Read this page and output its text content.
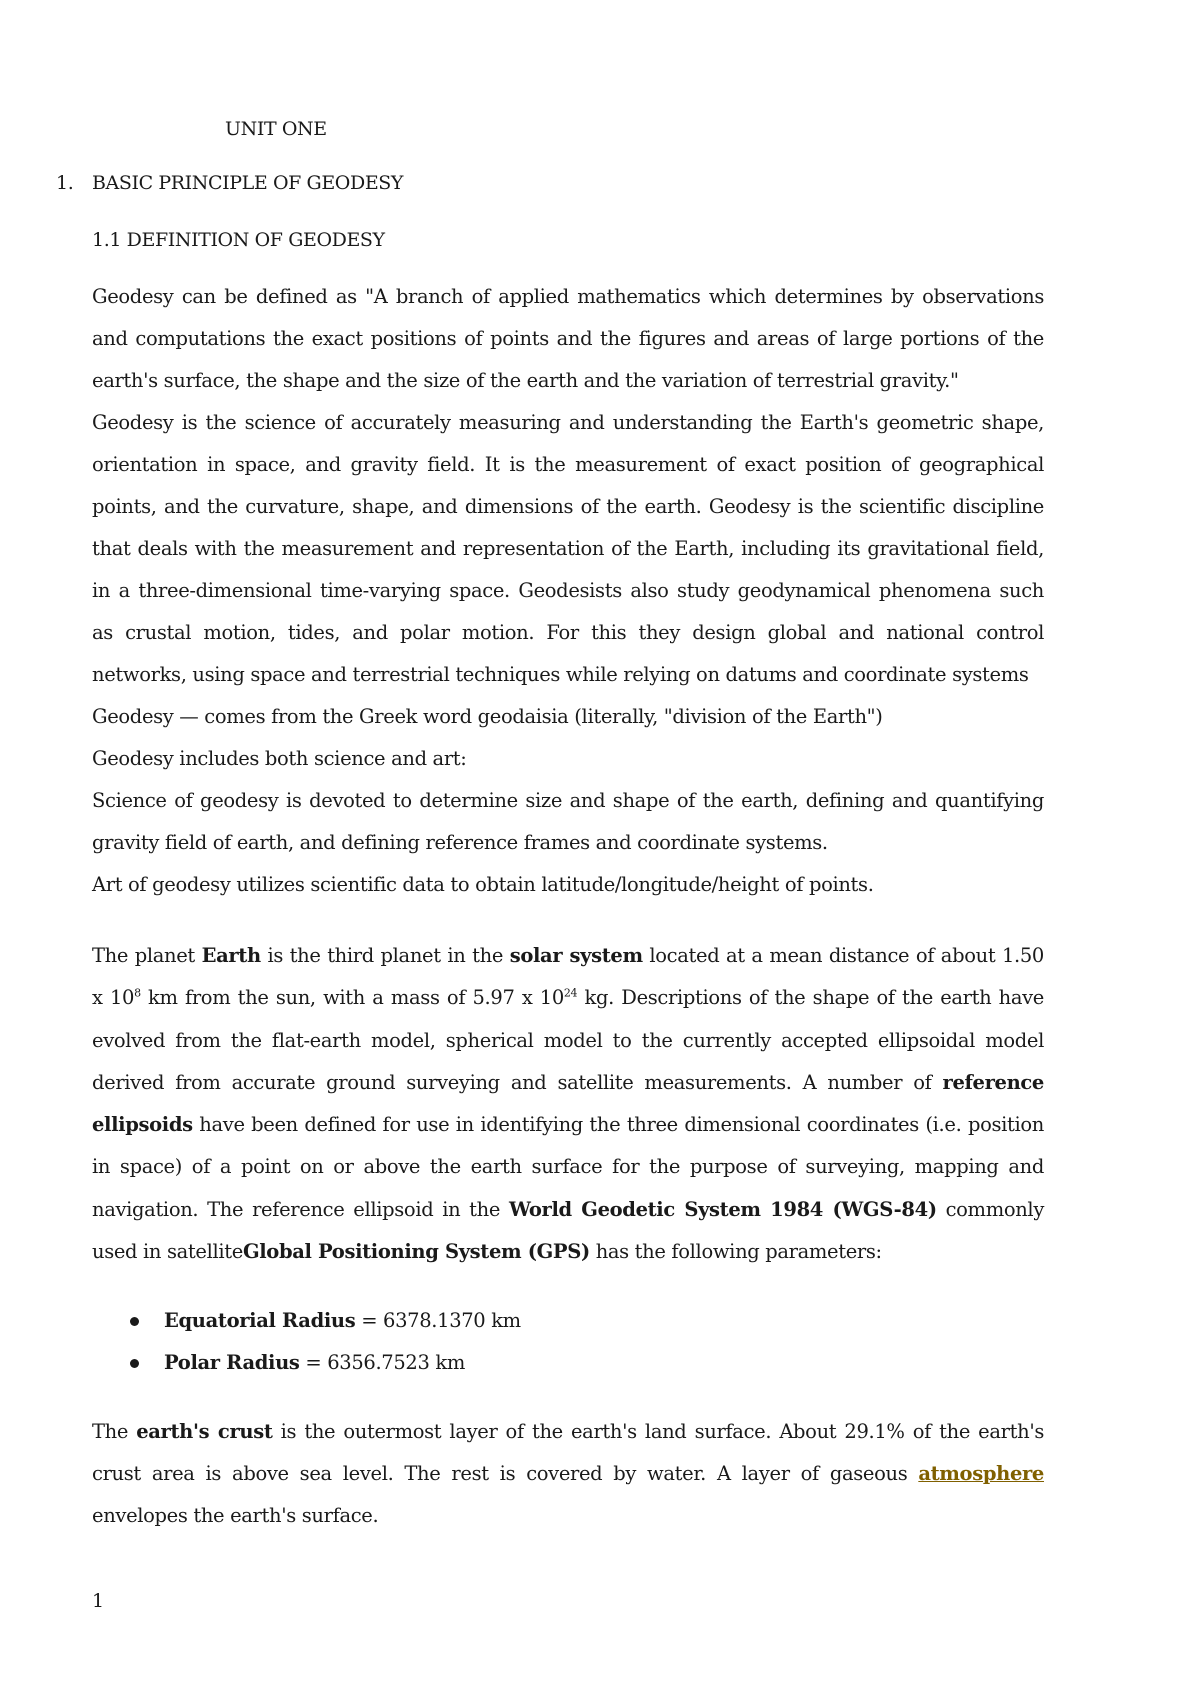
UNIT ONE
1. BASIC PRINCIPLE OF GEODESY
1.1 DEFINITION OF GEODESY

Geodesy can be defined as "A branch of applied mathematics which determines by observations and computations the exact positions of points and the figures and areas of large portions of the earth's surface, the shape and the size of the earth and the variation of terrestrial gravity."

Geodesy is the science of accurately measuring and understanding the Earth's geometric shape, orientation in space, and gravity field. It is the measurement of exact position of geographical points, and the curvature, shape, and dimensions of the earth. Geodesy is the scientific discipline that deals with the measurement and representation of the Earth, including its gravitational field, in a three-dimensional time-varying space. Geodesists also study geodynamical phenomena such as crustal motion, tides, and polar motion. For this they design global and national control networks, using space and terrestrial techniques while relying on datums and coordinate systems

Geodesy — comes from the Greek word geodaisia (literally, "division of the Earth")

Geodesy includes both science and art:

Science of geodesy is devoted to determine size and shape of the earth, defining and quantifying gravity field of earth, and defining reference frames and coordinate systems.

Art of geodesy utilizes scientific data to obtain latitude/longitude/height of points.

The planet Earth is the third planet in the solar system located at a mean distance of about 1.50 x $10^8$ km from the sun, with a mass of 5.97 x $10^{24}$ kg. Descriptions of the shape of the earth have evolved from the flat-earth model, spherical model to the currently accepted ellipsoidal model derived from accurate ground surveying and satellite measurements. A number of reference ellipsoids have been defined for use in identifying the three dimensional coordinates (i.e. position in space) of a point on or above the earth surface for the purpose of surveying, mapping and navigation. The reference ellipsoid in the World Geodetic System 1984 (WGS-84) commonly used in satelliteGlobal Positioning System (GPS) has the following parameters:

Equatorial Radius = 6378.1370 km
Polar Radius = 6356.7523 km

The earth's crust is the outermost layer of the earth's land surface. About 29.1% of the earth's crust area is above sea level. The rest is covered by water. A layer of gaseous atmosphere envelopes the earth's surface.

1
